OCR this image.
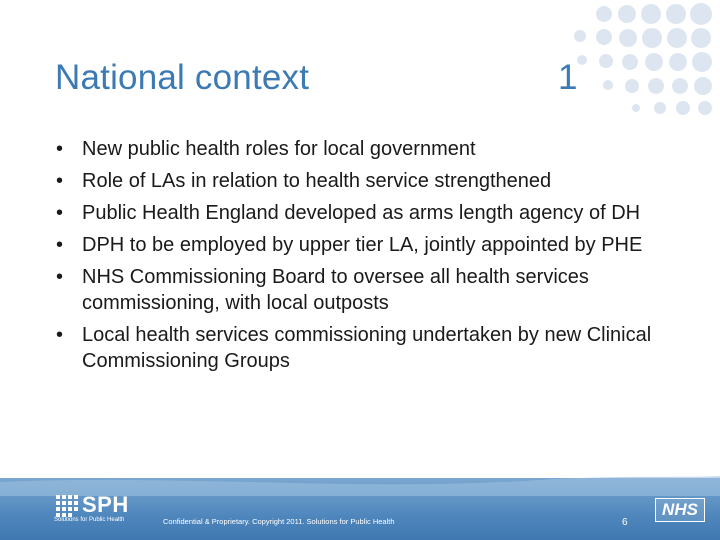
National context	1
• New public health roles for local government
• Role of LAs in relation to health service strengthened
• Public Health England developed as arms length agency of DH
• DPH to be employed by upper tier LA, jointly appointed by PHE
• NHS Commissioning Board to oversee all health services commissioning, with local outposts
• Local health services commissioning undertaken by new Clinical Commissioning Groups
SPH
Solutions for Public Health	Confidential & Proprietary. Copyright 2011. Solutions for Public Health	6
NHS
